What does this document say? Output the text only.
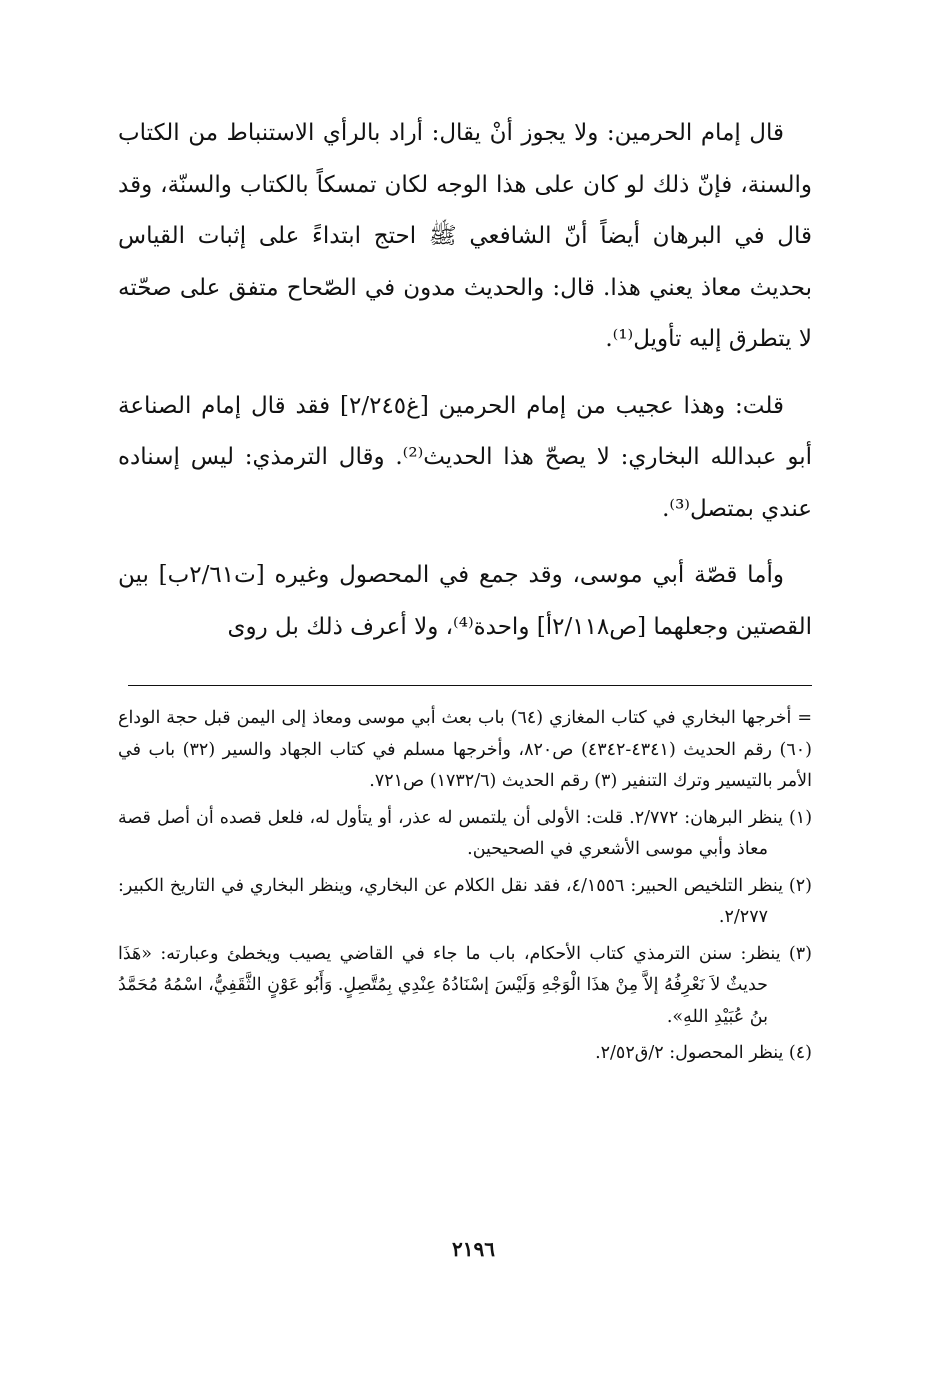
قال إمام الحرمين: ولا يجوز أنْ يقال: أراد بالرأي الاستنباط من الكتاب والسنة، فإنّ ذلك لو كان على هذا الوجه لكان تمسكاً بالكتاب والسنّة، وقد قال في البرهان أيضاً أنّ الشافعي ﷺ احتج ابتداءً على إثبات القياس بحديث معاذ يعني هذا. قال: والحديث مدون في الصّحاح متفق على صحّته لا يتطرق إليه تأويل⁽¹⁾.

قلت: وهذا عجيب من إمام الحرمين [غ٢/٢٤٥] فقد قال إمام الصناعة أبو عبدالله البخاري: لا يصحّ هذا الحديث⁽²⁾. وقال الترمذي: ليس إسناده عندي بمتصل⁽³⁾.

وأما قصّة أبي موسى، وقد جمع في المحصول وغيره [ت٢/٦١ب] بين القصتين وجعلهما [ص٢/١١٨أ] واحدة⁽⁴⁾، ولا أعرف ذلك بل روى

= أخرجها البخاري في كتاب المغازي (٦٤) باب بعث أبي موسى ومعاذ إلى اليمن قبل حجة الوداع (٦٠) رقم الحديث (٤٣٤١-٤٣٤٢) ص٨٢٠، وأخرجها مسلم في كتاب الجهاد والسير (٣٢) باب في الأمر بالتيسير وترك التنفير (٣) رقم الحديث (١٧٣٢/٦) ص٧٢١.

(١) ينظر البرهان: ٢/٧٧٢. قلت: الأولى أن يلتمس له عذر، أو يتأول له، فلعل قصده أن أصل قصة معاذ وأبي موسى الأشعري في الصحيحين.

(٢) ينظر التلخيص الحبير: ٤/١٥٥٦، فقد نقل الكلام عن البخاري، وينظر البخاري في التاريخ الكبير: ٢/٢٧٧.

(٣) ينظر: سنن الترمذي كتاب الأحكام، باب ما جاء في القاضي يصيب ويخطئ وعبارته: «هَذَا حديثٌ لاَ نَعْرِفُهُ إلاَّ مِنْ هذَا الْوَجْهِ وَلَيْسَ إسْنَادُهُ عِنْدِي بِمُتَّصِلٍ. وَأَبُو عَوْنٍ الثَّقَفِيُّ، اسْمُهُ مُحَمَّدُ بنُ عُبَيْدِ اللهِ».

(٤) ينظر المحصول: ٢/ق٢/٥٢.

٢١٩٦
